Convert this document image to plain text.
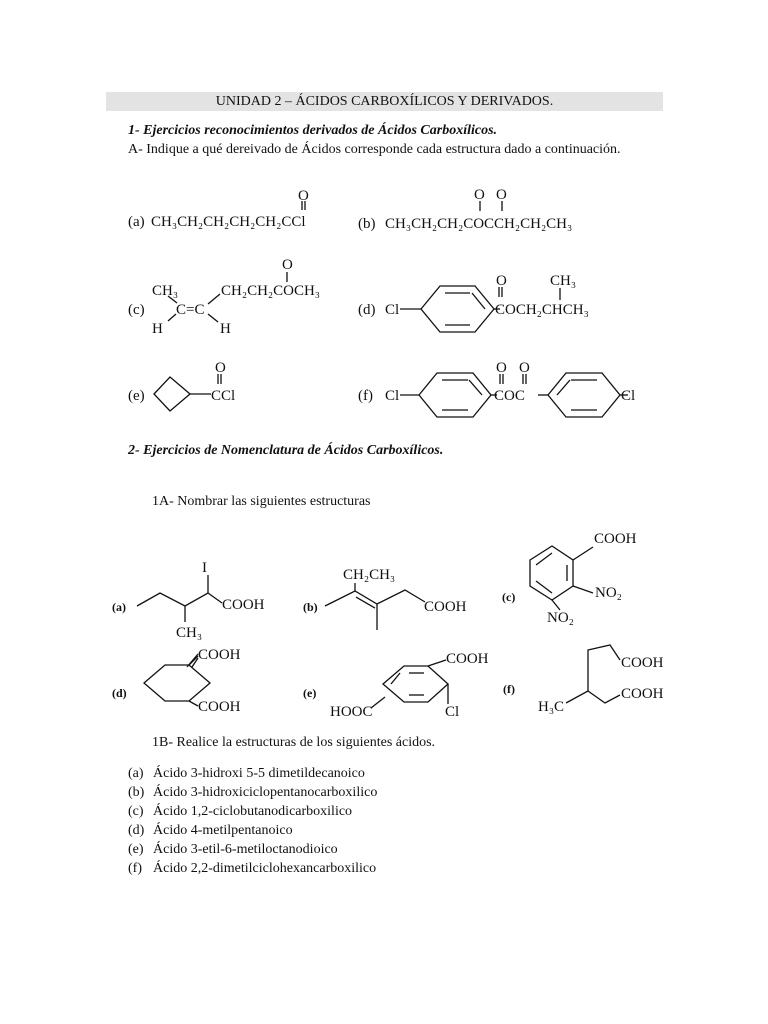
UNIDAD 2 – ÁCIDOS CARBOXÍLICOS Y DERIVADOS.
1- Ejercicios reconocimientos derivados de Ácidos Carboxílicos.
A- Indique a qué dereivado de Ácidos corresponde cada estructura dado a continuación.
(a)
O
CH₃CH₂CH₂CH₂CH₂CCl	(b)
O O
CH₃CH₂CH₂COCCH₂CH₂CH₃
(c)
CH₃
C=C
H	H
O
CH₂CH₂COCH₃
(d) Cl
O	CH₃
COCH₂CHCH₃
(e)
O
CCl	(f) Cl
O O
COC	Cl
(a)
I
COOH
CH₃
(b)
CH₂CH₃
COOH
(c)
COOH
NO₂
NO₂
(d)
COOH
COOH
(e)
COOH
HOOC	Cl
(f)
COOH
COOH
H₃C
2- Ejercicios de Nomenclatura de Ácidos Carboxílicos.
1A- Nombrar las siguientes estructuras
1B- Realice la estructuras de los siguientes ácidos.
(a) Ácido 3-hidroxi 5-5 dimetildecanoico
(b) Ácido 3-hidroxiciclopentanocarboxilico
(c) Ácido 1,2-ciclobutanodicarboxilico
(d) Ácido 4-metilpentanoico
(e) Ácido 3-etil-6-metiloctanodioico
(f) Ácido 2,2-dimetilciclohexancarboxilico
